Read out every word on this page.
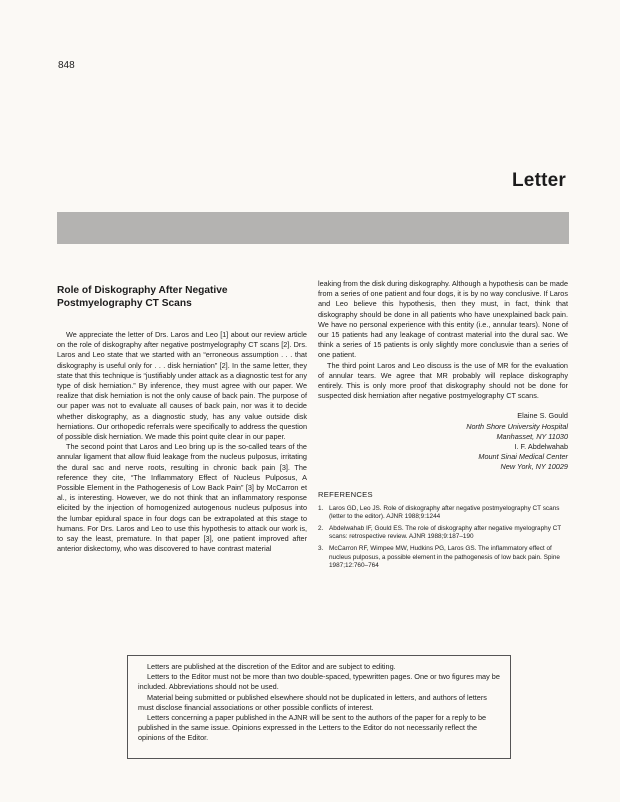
848
Letter
Role of Diskography After Negative
Postmyelography CT Scans

We appreciate the letter of Drs. Laros and Leo [1] about our review article on the role of diskography after negative postmyelography CT scans [2]. Drs. Laros and Leo state that we started with an “erroneous assumption . . . that diskography is useful only for . . . disk herniation” [2]. In the same letter, they state that this technique is “justifiably under attack as a diagnostic test for any type of disk herniation.” By inference, they must agree with our paper. We realize that disk herniation is not the only cause of back pain. The purpose of our paper was not to evaluate all causes of back pain, nor was it to decide whether diskography, as a diagnostic study, has any value outside disk herniations. Our orthopedic referrals were specifically to address the question of possible disk herniation. We made this point quite clear in our paper.

The second point that Laros and Leo bring up is the so-called tears of the annular ligament that allow fluid leakage from the nucleus pulposus, irritating the dural sac and nerve roots, resulting in chronic back pain [3]. The reference they cite, “The Inflammatory Effect of Nucleus Pulposus, A Possible Element in the Pathogenesis of Low Back Pain” [3] by McCarron et al., is interesting. However, we do not think that an inflammatory response elicited by the injection of homogenized autogenous nucleus pulposus into the lumbar epidural space in four dogs can be extrapolated at this stage to humans. For Drs. Laros and Leo to use this hypothesis to attack our work is, to say the least, premature. In that paper [3], one patient improved after anterior diskectomy, who was discovered to have contrast material

leaking from the disk during diskography. Although a hypothesis can be made from a series of one patient and four dogs, it is by no way conclusive. If Laros and Leo believe this hypothesis, then they must, in fact, think that diskography should be done in all patients who have unexplained back pain. We have no personal experience with this entity (i.e., annular tears). None of our 15 patients had any leakage of contrast material into the dural sac. We think a series of 15 patients is only slightly more conclusvie than a series of one patient.

The third point Laros and Leo discuss is the use of MR for the evaluation of annular tears. We agree that MR probably will replace diskography entirely. This is only more proof that diskography should not be done for suspected disk herniation after negative postmyelography CT scans.

Elaine S. Gould
North Shore University Hospital
Manhasset, NY 11030
I. F. Abdelwahab
Mount Sinai Medical Center
New York, NY 10029
REFERENCES
1. Laros GD, Leo JS. Role of diskography after negative postmyelography CT scans (letter to the editor). AJNR 1988;9:1244
2. Abdelwahab IF, Gould ES. The role of diskography after negative myelography CT scans: retrospective review. AJNR 1988;9:187–190
3. McCarron RF, Wimpee MW, Hudkins PG, Laros GS. The inflammatory effect of nucleus pulposus, a possible element in the pathogenesis of low back pain. Spine 1987;12:760–764

Letters are published at the discretion of the Editor and are subject to editing.

Letters to the Editor must not be more than two double-spaced, typewritten pages. One or two figures may be included. Abbreviations should not be used.

Material being submitted or published elsewhere should not be duplicated in letters, and authors of letters must disclose financial associations or other possible conflicts of interest.

Letters concerning a paper published in the AJNR will be sent to the authors of the paper for a reply to be published in the same issue. Opinions expressed in the Letters to the Editor do not necessarily reflect the opinions of the Editor.
